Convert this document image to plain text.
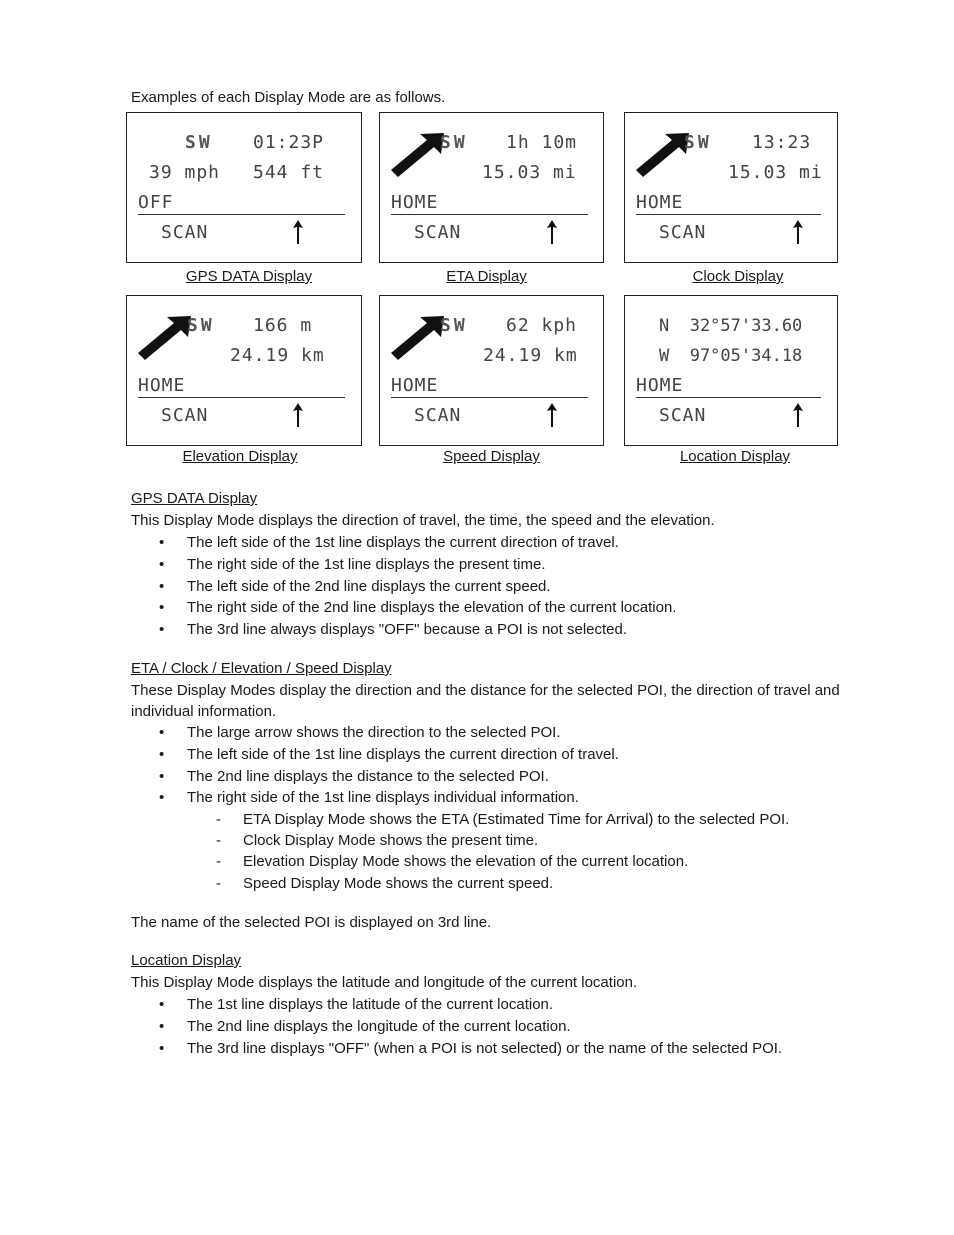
Examples of each Display Mode are as follows.
SW 01:23P
39 mph 544 ft
OFF
SCAN
GPS DATA Display
SW 1h 10m
15.03 mi
HOME
SCAN
ETA Display
SW 13:23
15.03 mi
HOME
SCAN
Clock Display
SW 166 m
24.19 km
HOME
SCAN
Elevation Display
SW 62 kph
24.19 km
HOME
SCAN
Speed Display
N  32°57'33.60
W  97°05'34.18
HOME
SCAN
Location Display
GPS DATA Display
This Display Mode displays the direction of travel, the time, the speed and the elevation.
• The left side of the 1st line displays the current direction of travel.
• The right side of the 1st line displays the present time.
• The left side of the 2nd line displays the current speed.
• The right side of the 2nd line displays the elevation of the current location.
• The 3rd line always displays "OFF" because a POI is not selected.
ETA / Clock / Elevation / Speed Display
These Display Modes display the direction and the distance for the selected POI, the direction of travel and individual information.
• The large arrow shows the direction to the selected POI.
• The left side of the 1st line displays the current direction of travel.
• The 2nd line displays the distance to the selected POI.
• The right side of the 1st line displays individual information.
- ETA Display Mode shows the ETA (Estimated Time for Arrival) to the selected POI.
- Clock Display Mode shows the present time.
- Elevation Display Mode shows the elevation of the current location.
- Speed Display Mode shows the current speed.
The name of the selected POI is displayed on 3rd line.
Location Display
This Display Mode displays the latitude and longitude of the current location.
• The 1st line displays the latitude of the current location.
• The 2nd line displays the longitude of the current location.
• The 3rd line displays "OFF" (when a POI is not selected) or the name of the selected POI.
